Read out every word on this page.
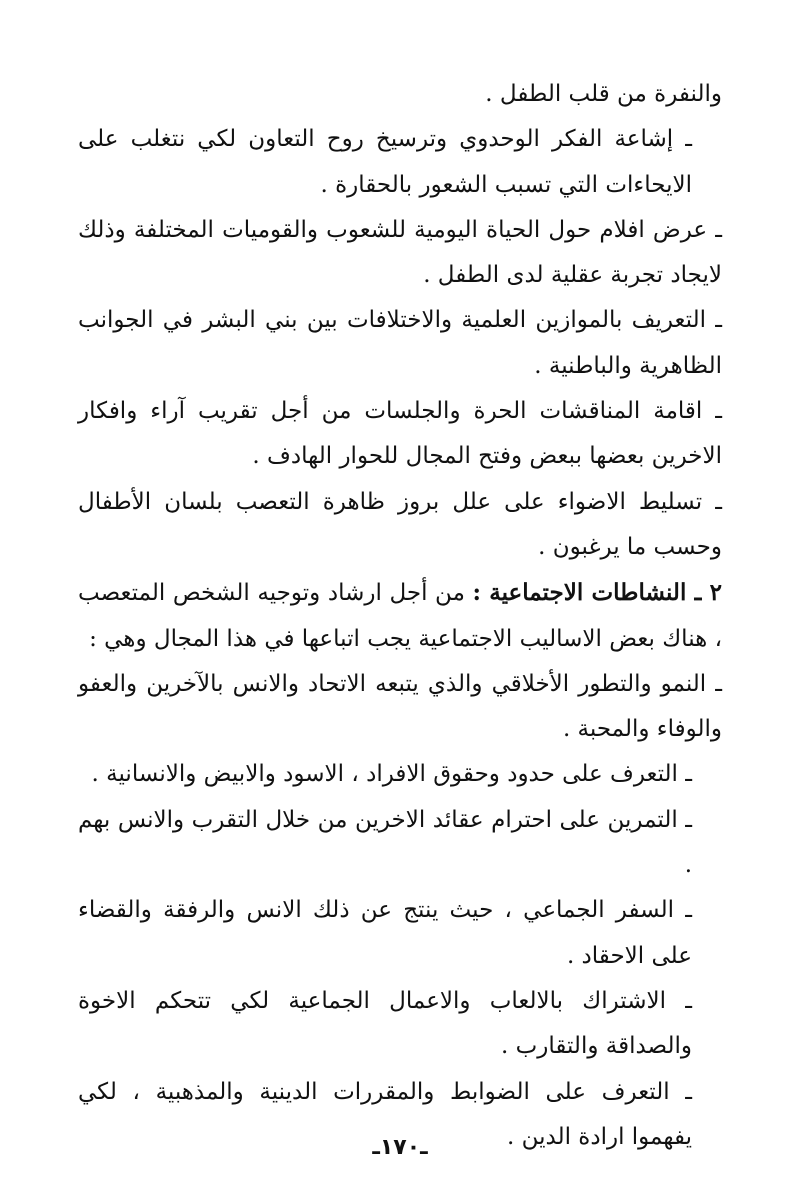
والنفرة من قلب الطفل .

ـ إشاعة الفكر الوحدوي وترسيخ روح التعاون لكي نتغلب على الايحاءات التي تسبب الشعور بالحقارة .

ـ عرض افلام حول الحياة اليومية للشعوب والقوميات المختلفة وذلك لايجاد تجربة عقلية لدى الطفل .

ـ التعريف بالموازين العلمية والاختلافات بين بني البشر في الجوانب الظاهرية والباطنية .

ـ اقامة المناقشات الحرة والجلسات من أجل تقريب آراء وافكار الاخرين بعضها ببعض وفتح المجال للحوار الهادف .

ـ تسليط الاضواء على علل بروز ظاهرة التعصب بلسان الأطفال وحسب ما يرغبون .

٢ ـ النشاطات الاجتماعية : من أجل ارشاد وتوجيه الشخص المتعصب ، هناك بعض الاساليب الاجتماعية يجب اتباعها في هذا المجال وهي :

ـ النمو والتطور الأخلاقي والذي يتبعه الاتحاد والانس بالآخرين والعفو والوفاء والمحبة .

ـ التعرف على حدود وحقوق الافراد ، الاسود والابيض والانسانية .

ـ التمرين على احترام عقائد الاخرين من خلال التقرب والانس بهم .

ـ السفر الجماعي ، حيث ينتج عن ذلك الانس والرفقة والقضاء على الاحقاد .

ـ الاشتراك بالالعاب والاعمال الجماعية لكي تتحكم الاخوة والصداقة والتقارب .

ـ التعرف على الضوابط والمقررات الدينية والمذهبية ، لكي يفهموا ارادة الدين .

ـ١٧٠ـ
